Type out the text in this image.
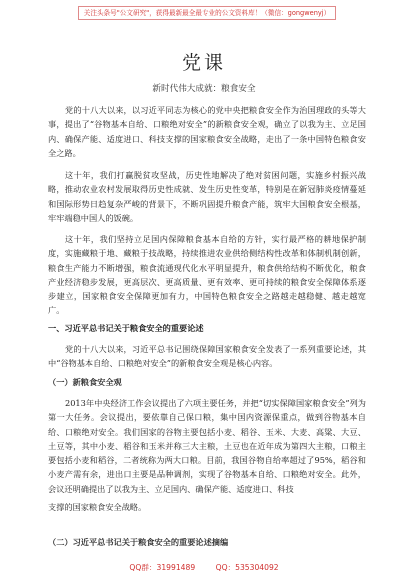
关注头条号"公文研究"，获得最新最全最专业的公文资料库！（微信：gongwenyj）
党课
新时代伟大成就：粮食安全

党的十八大以来，以习近平同志为核心的党中央把粮食安全作为治国理政的头等大事，提出了“谷物基本自给、口粮绝对安全”的新粮食安全观，确立了以我为主、立足国内、确保产能、适度进口、科技支撑的国家粮食安全战略，走出了一条中国特色粮食安全之路。

这十年，我们打赢脱贫攻坚战，历史性地解决了绝对贫困问题，实施乡村振兴战略，推动农业农村发展取得历史性成就、发生历史性变革，特别是在新冠肺炎疫情蔓延和国际形势日趋复杂严峻的背景下，不断巩固提升粮食产能，筑牢大国粮食安全根基，牢牢端稳中国人的饭碗。

这十年，我们坚持立足国内保障粮食基本自给的方针，实行最严格的耕地保护制度，实施藏粮于地、藏粮于技战略，持续推进农业供给侧结构性改革和体制机制创新，粮食生产能力不断增强，粮食流通现代化水平明显提升，粮食供给结构不断优化，粮食产业经济稳步发展，更高层次、更高质量、更有效率、更可持续的粮食安全保障体系逐步建立，国家粮食安全保障更加有力，中国特色粮食安全之路越走越稳健、越走越宽广。

一、习近平总书记关于粮食安全的重要论述

党的十八大以来，习近平总书记围绕保障国家粮食安全发表了一系列重要论述，其中“谷物基本自给、口粮绝对安全”的新粮食安全观是核心内容。

（一）新粮食安全观

2013年中央经济工作会议提出了六项主要任务，并把“切实保障国家粮食安全”列为第一大任务。会议提出，要依靠自己保口粮，集中国内资源保重点，做到谷物基本自给、口粮绝对安全。我们国家的谷物主要包括小麦、稻谷、玉米、大麦、高粱、大豆、土豆等，其中小麦、稻谷和玉米并称三大主粮，土豆也在近年成为第四大主粮，口粮主要包括小麦和稻谷，二者统称为两大口粮。目前，我国谷物自给率超过了95%，稻谷和小麦产需有余，进出口主要是品种调剂，实现了谷物基本自给、口粮绝对安全。此外，会议还明确提出了以我为主、立足国内、确保产能、适度进口、科技

支撑的国家粮食安全战略。

（二）习近平总书记关于粮食安全的重要论述摘编
QQ群：31991489	QQ：535304092
